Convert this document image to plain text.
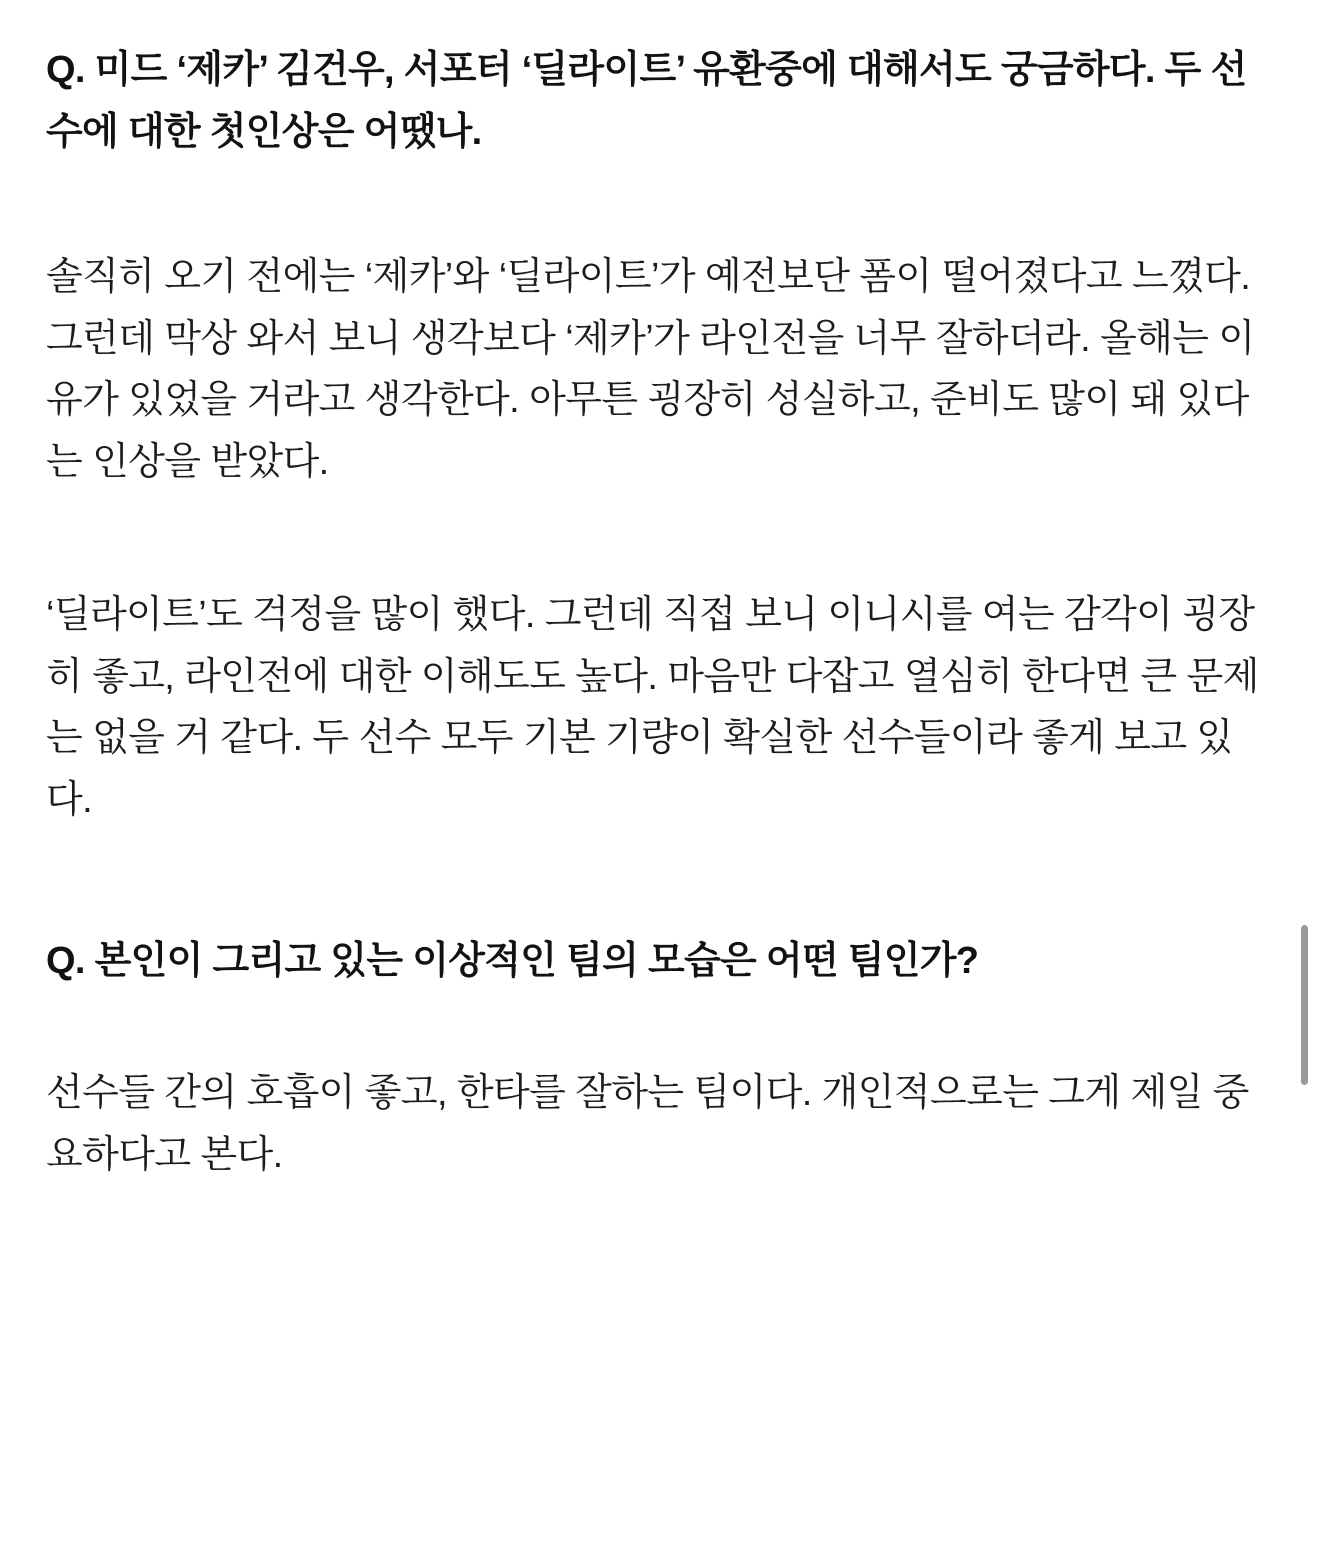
Q. 미드 ‘제카’ 김건우, 서포터 ‘딜라이트’ 유환중에 대해서도 궁금하다. 두 선수에 대한 첫인상은 어땠나.

솔직히 오기 전에는 ‘제카’와 ‘딜라이트’가 예전보단 폼이 떨어졌다고 느꼈다. 그런데 막상 와서 보니 생각보다 ‘제카’가 라인전을 너무 잘하더라. 올해는 이유가 있었을 거라고 생각한다. 아무튼 굉장히 성실하고, 준비도 많이 돼 있다는 인상을 받았다.

‘딜라이트’도 걱정을 많이 했다. 그런데 직접 보니 이니시를 여는 감각이 굉장히 좋고, 라인전에 대한 이해도도 높다. 마음만 다잡고 열심히 한다면 큰 문제는 없을 거 같다. 두 선수 모두 기본 기량이 확실한 선수들이라 좋게 보고 있다.

Q. 본인이 그리고 있는 이상적인 팀의 모습은 어떤 팀인가?

선수들 간의 호흡이 좋고, 한타를 잘하는 팀이다. 개인적으로는 그게 제일 중요하다고 본다.
